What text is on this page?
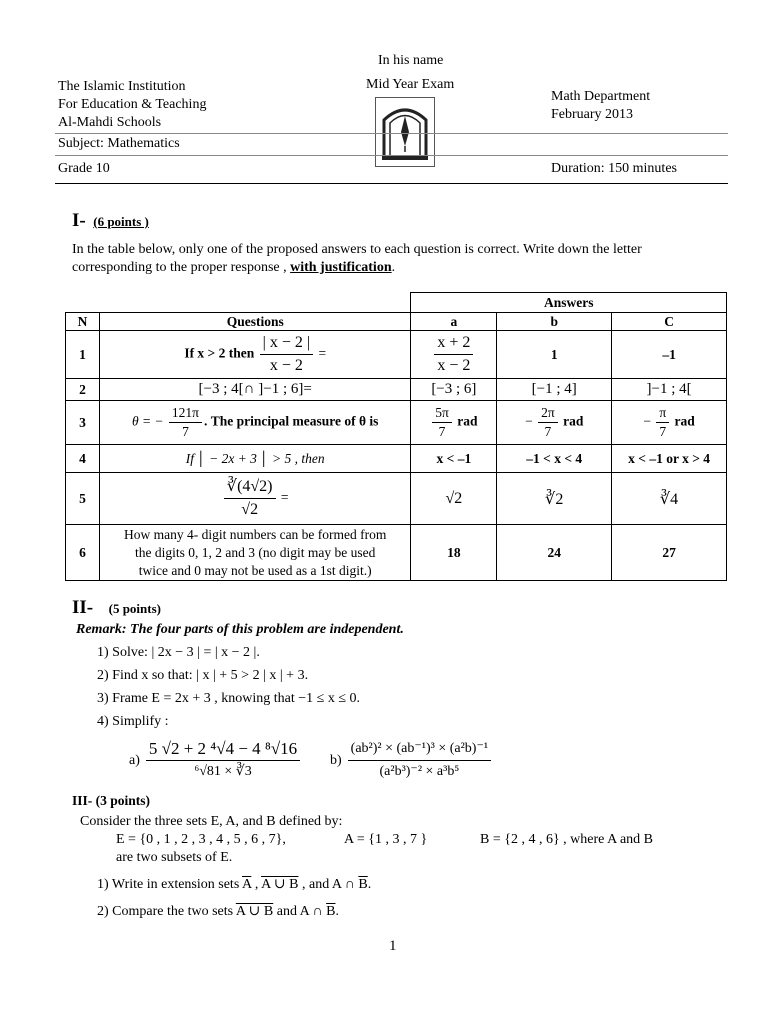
In his name
Mid Year Exam
The Islamic Institution
For Education & Teaching
Al-Mahdi Schools
Math Department
February 2013
Subject: Mathematics
Grade 10	Duration: 150 minutes
I- (6 points )
In the table below, only one of the proposed answers to each question is correct. Write down the letter
corresponding to the proper response , with justification.
		Answers		
N	Questions	a	b	C
1	If x > 2 then $\frac{| x - 2 |}{x - 2}$ =	$\frac{x + 2}{x - 2}$	1	–1
2	[−3 ; 4[∩ ]−1 ; 6]=	[−3 ; 6]	[−1 ; 4]	]−1 ; 4[
3	θ = − $\frac{121\pi}{7}$ . The principal measure of θ is	$\frac{5\pi}{7}$ rad	− $\frac{2\pi}{7}$ rad	− $\frac{\pi}{7}$ rad
4	If │ − 2x + 3 │ > 5 , then	x < –1	–1 < x < 4	x < –1 or x > 4
5	$\frac{∛(4√2)}{√2}$ =	√2	∛2	∛4
6	How many 4- digit numbers can be formed from
the digits 0, 1, 2 and 3 (no digit may be used
twice and 0 may not be used as a 1st digit.)	18	24	27
II- (5 points)
Remark: The four parts of this problem are independent.
1) Solve: | 2x − 3 | = | x − 2 |.
2) Find x so that: | x | + 5 > 2 | x | + 3.
3) Frame E = 2x + 3 , knowing that −1 ≤ x ≤ 0.
4) Simplify :
$a) \frac{\text{5 √2 + 2 ⁴√4 − 4 ⁸√16}}{\text{⁶√81 × ∛3}} b) \frac{\text{(ab²)² × (ab⁻¹)³ × (a²b)⁻¹}}{\text{(a²b³)⁻² × a³b⁵}}$
III- (3 points)
Consider the three sets E, A, and B defined by:
E = {0 , 1 , 2 , 3 , 4 , 5 , 6 , 7},	A = {1 , 3 , 7 }	B = {2 , 4 , 6} , where A and B
are two subsets of E.
1) Write in extension sets $\overline{A}$ , A ∪ B , and A ∩ $\overline{B}$.
2) Compare the two sets A ∪ B and A ∩ $\overline{B}$.
1
